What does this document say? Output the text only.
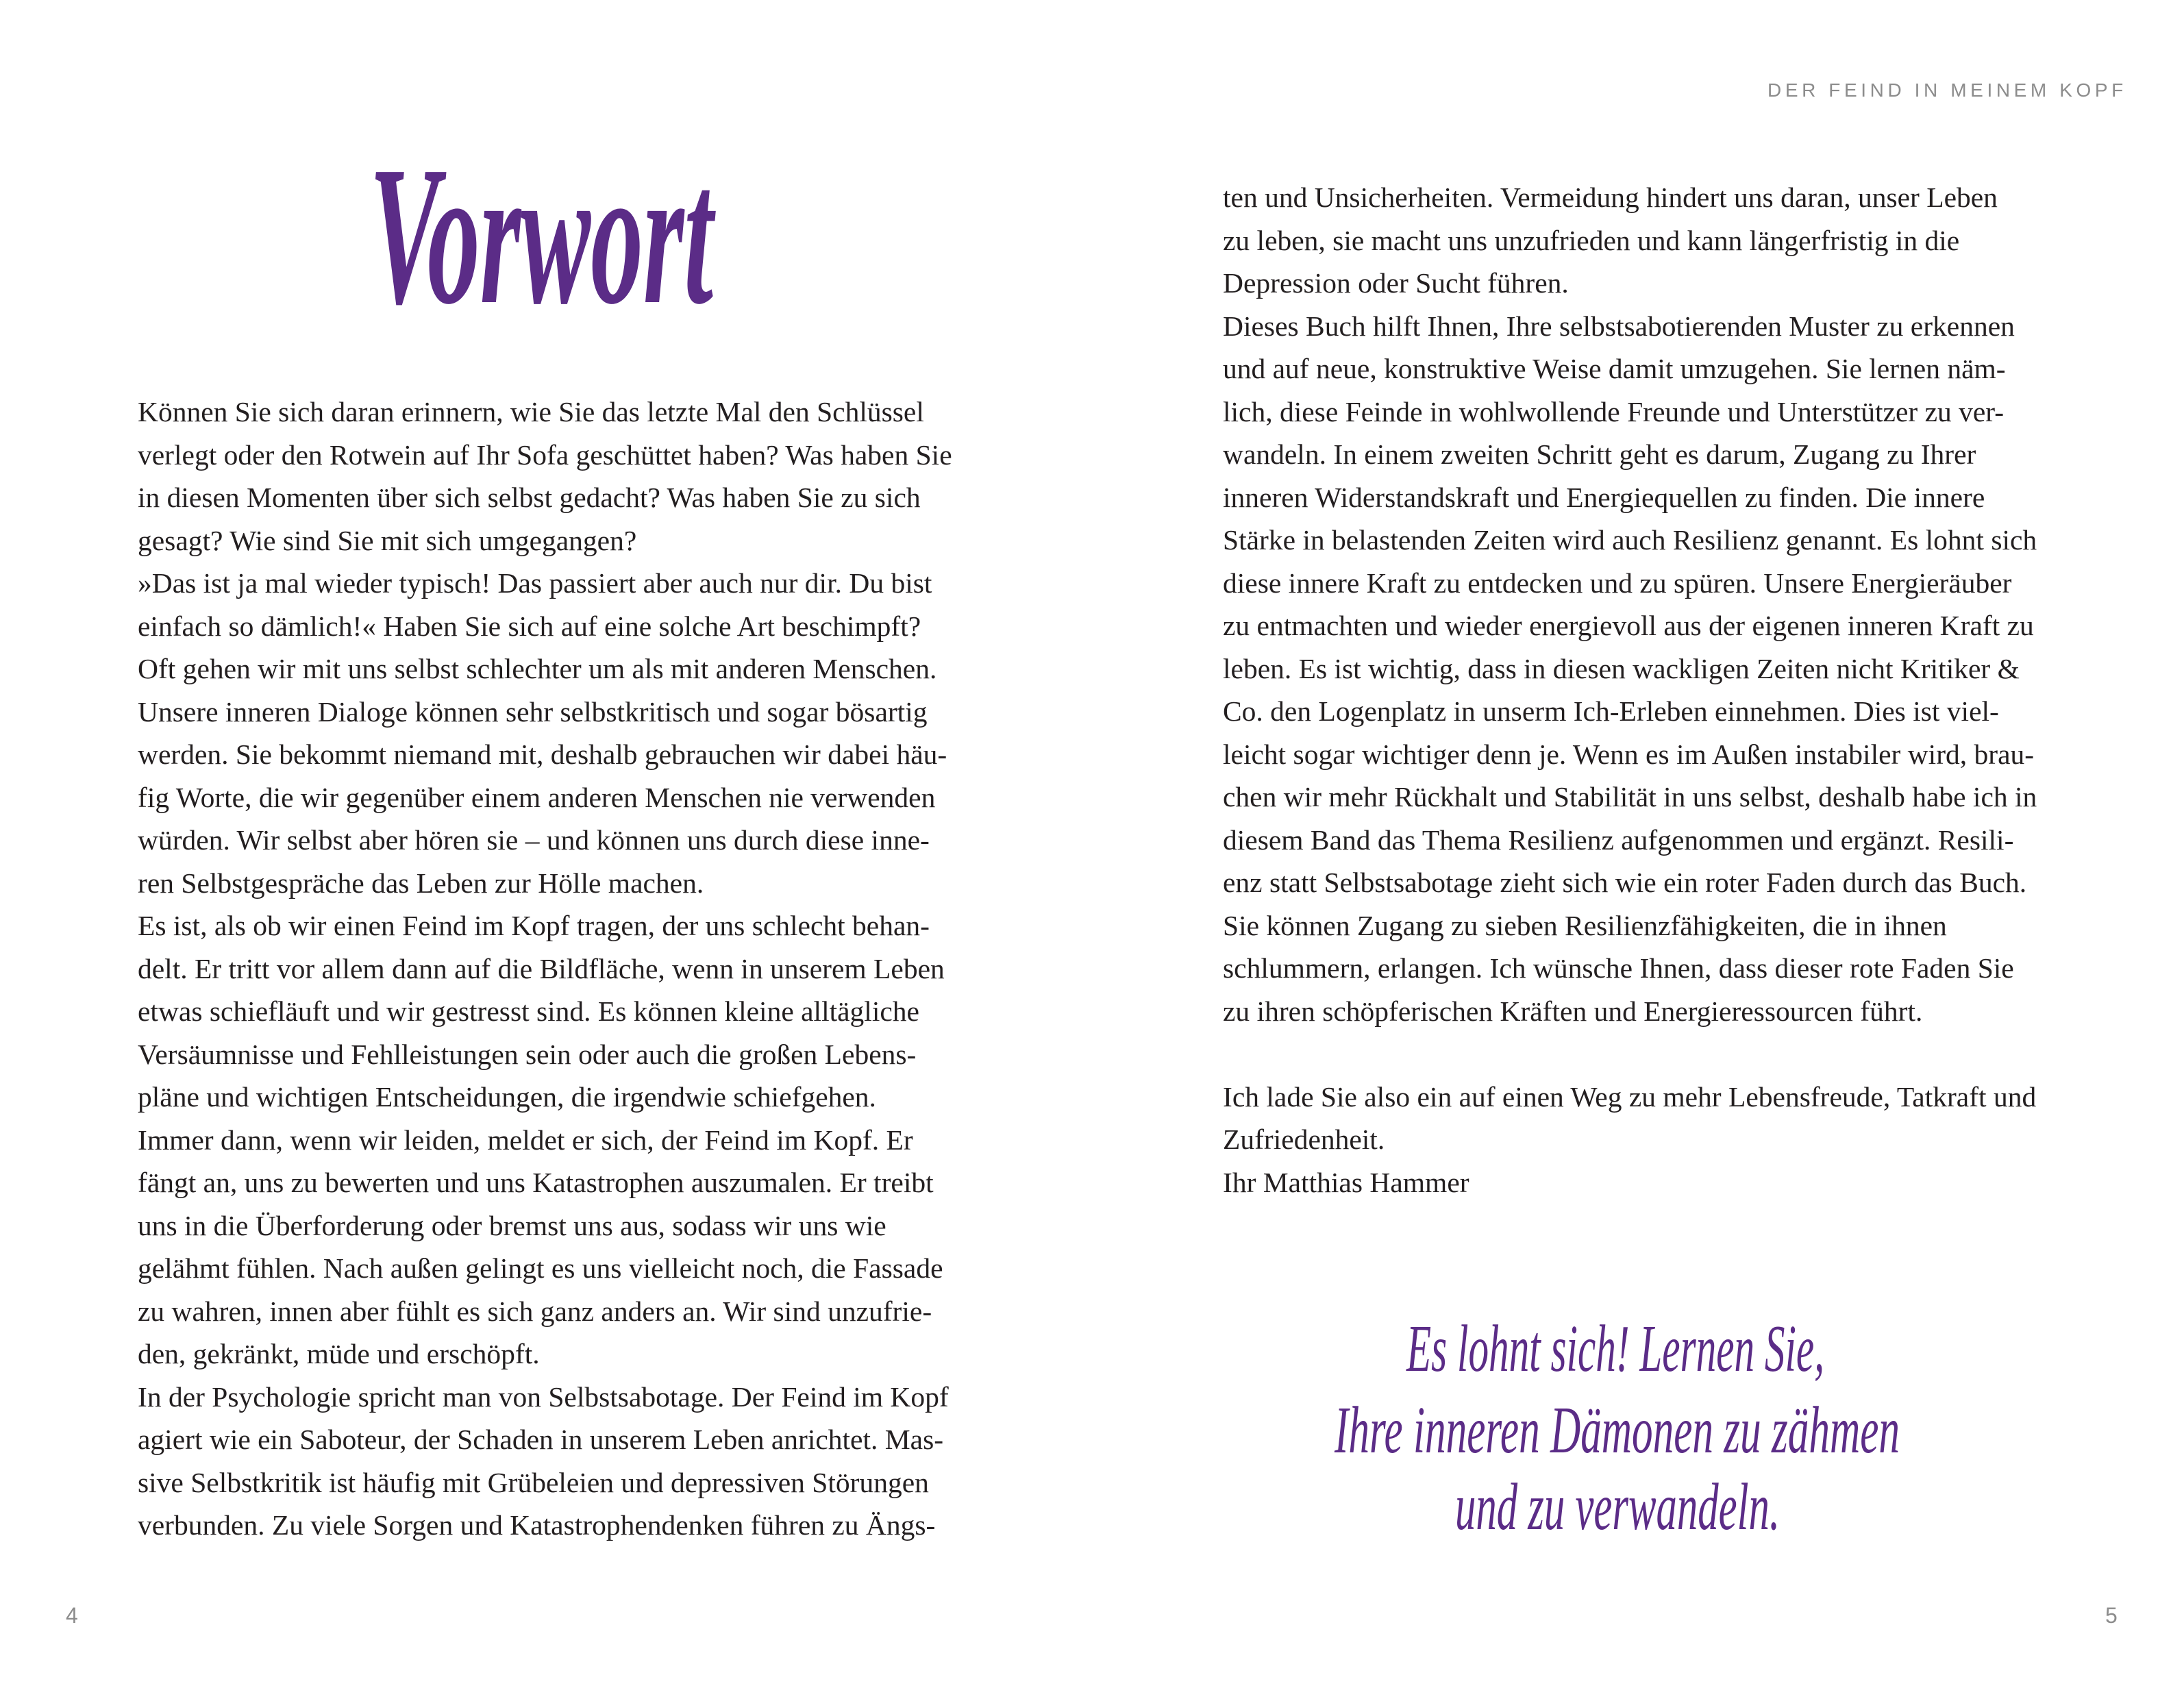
DER FEIND IN MEINEM KOPF
Vorwort
Können Sie sich daran erinnern, wie Sie das letzte Mal den Schlüssel
verlegt oder den Rotwein auf Ihr Sofa geschüttet haben? Was haben Sie
in diesen Momenten über sich selbst gedacht? Was haben Sie zu sich
gesagt? Wie sind Sie mit sich umgegangen?
»Das ist ja mal wieder typisch! Das passiert aber auch nur dir. Du bist
einfach so dämlich!« Haben Sie sich auf eine solche Art beschimpft?
Oft gehen wir mit uns selbst schlechter um als mit anderen Menschen.
Unsere inneren Dialoge können sehr selbstkritisch und sogar bösartig
werden. Sie bekommt niemand mit, deshalb gebrauchen wir dabei häu-
fig Worte, die wir gegenüber einem anderen Menschen nie verwenden
würden. Wir selbst aber hören sie – und können uns durch diese inne-
ren Selbstgespräche das Leben zur Hölle machen.
Es ist, als ob wir einen Feind im Kopf tragen, der uns schlecht behan-
delt. Er tritt vor allem dann auf die Bildfläche, wenn in unserem Leben
etwas schiefläuft und wir gestresst sind. Es können kleine alltägliche
Versäumnisse und Fehlleistungen sein oder auch die großen Lebens-
pläne und wichtigen Entscheidungen, die irgendwie schiefgehen.
Immer dann, wenn wir leiden, meldet er sich, der Feind im Kopf. Er
fängt an, uns zu bewerten und uns Katastrophen auszumalen. Er treibt
uns in die Überforderung oder bremst uns aus, sodass wir uns wie
gelähmt fühlen. Nach außen gelingt es uns vielleicht noch, die Fassade
zu wahren, innen aber fühlt es sich ganz anders an. Wir sind unzufrie-
den, gekränkt, müde und erschöpft.
In der Psychologie spricht man von Selbstsabotage. Der Feind im Kopf
agiert wie ein Saboteur, der Schaden in unserem Leben anrichtet. Mas-
sive Selbstkritik ist häufig mit Grübeleien und depressiven Störungen
verbunden. Zu viele Sorgen und Katastrophendenken führen zu Ängs-
ten und Unsicherheiten. Vermeidung hindert uns daran, unser Leben
zu leben, sie macht uns unzufrieden und kann längerfristig in die
Depression oder Sucht führen.
Dieses Buch hilft Ihnen, Ihre selbstsabotierenden Muster zu erkennen
und auf neue, konstruktive Weise damit umzugehen. Sie lernen näm-
lich, diese Feinde in wohlwollende Freunde und Unterstützer zu ver-
wandeln. In einem zweiten Schritt geht es darum, Zugang zu Ihrer
inneren Widerstandskraft und Energiequellen zu finden. Die innere
Stärke in belastenden Zeiten wird auch Resilienz genannt. Es lohnt sich
diese innere Kraft zu entdecken und zu spüren. Unsere Energieräuber
zu entmachten und wieder energievoll aus der eigenen inneren Kraft zu
leben. Es ist wichtig, dass in diesen wackligen Zeiten nicht Kritiker &
Co. den Logenplatz in unserm Ich-Erleben einnehmen. Dies ist viel-
leicht sogar wichtiger denn je. Wenn es im Außen instabiler wird, brau-
chen wir mehr Rückhalt und Stabilität in uns selbst, deshalb habe ich in
diesem Band das Thema Resilienz aufgenommen und ergänzt. Resili-
enz statt Selbstsabotage zieht sich wie ein roter Faden durch das Buch.
Sie können Zugang zu sieben Resilienzfähigkeiten, die in ihnen
schlummern, erlangen. Ich wünsche Ihnen, dass dieser rote Faden Sie
zu ihren schöpferischen Kräften und Energieressourcen führt.
Ich lade Sie also ein auf einen Weg zu mehr Lebensfreude, Tatkraft und
Zufriedenheit.
Ihr Matthias Hammer
Es lohnt sich! Lernen Sie,
Ihre inneren Dämonen zu zähmen
und zu verwandeln.
4	5
